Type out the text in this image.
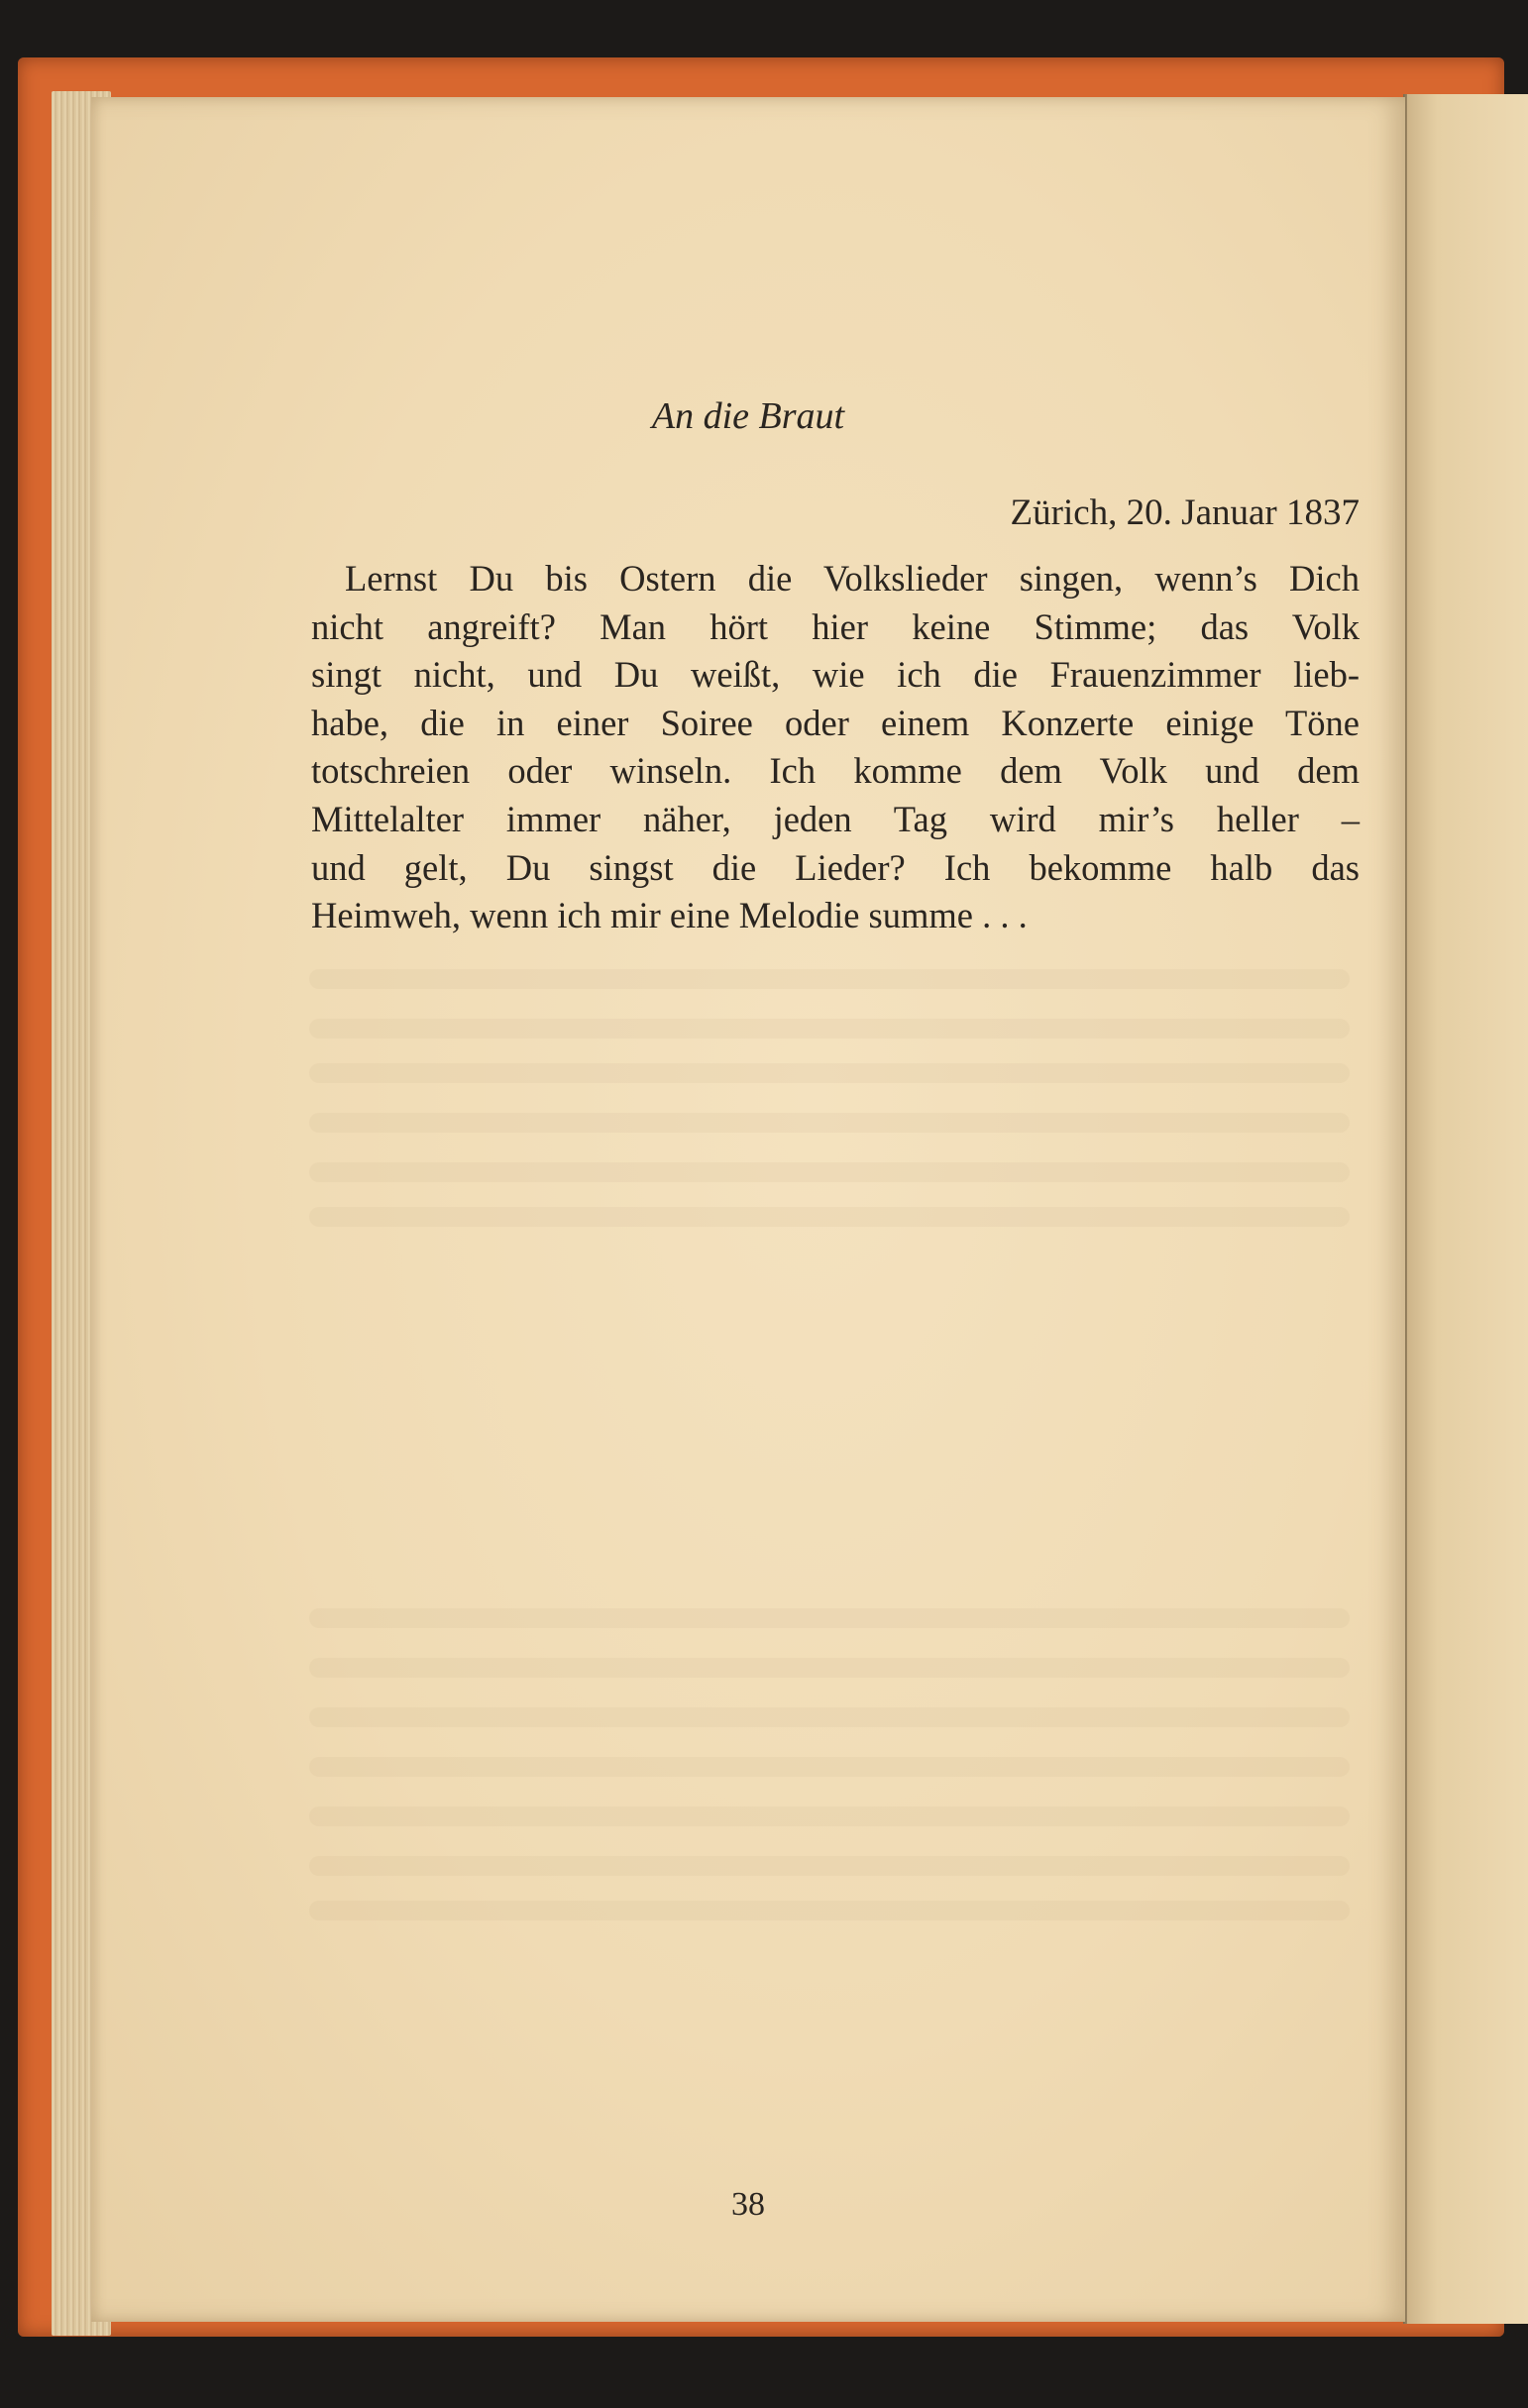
An die Braut
Zürich, 20. Januar 1837

Lernst Du bis Ostern die Volkslieder singen, wenn’s Dich
nicht angreift? Man hört hier keine Stimme; das Volk
singt nicht, und Du weißt, wie ich die Frauenzimmer lieb-
habe, die in einer Soiree oder einem Konzerte einige Töne
totschreien oder winseln. Ich komme dem Volk und dem
Mittelalter immer näher, jeden Tag wird mir’s heller –
und gelt, Du singst die Lieder? Ich bekomme halb das
Heimweh, wenn ich mir eine Melodie summe . . .

38
